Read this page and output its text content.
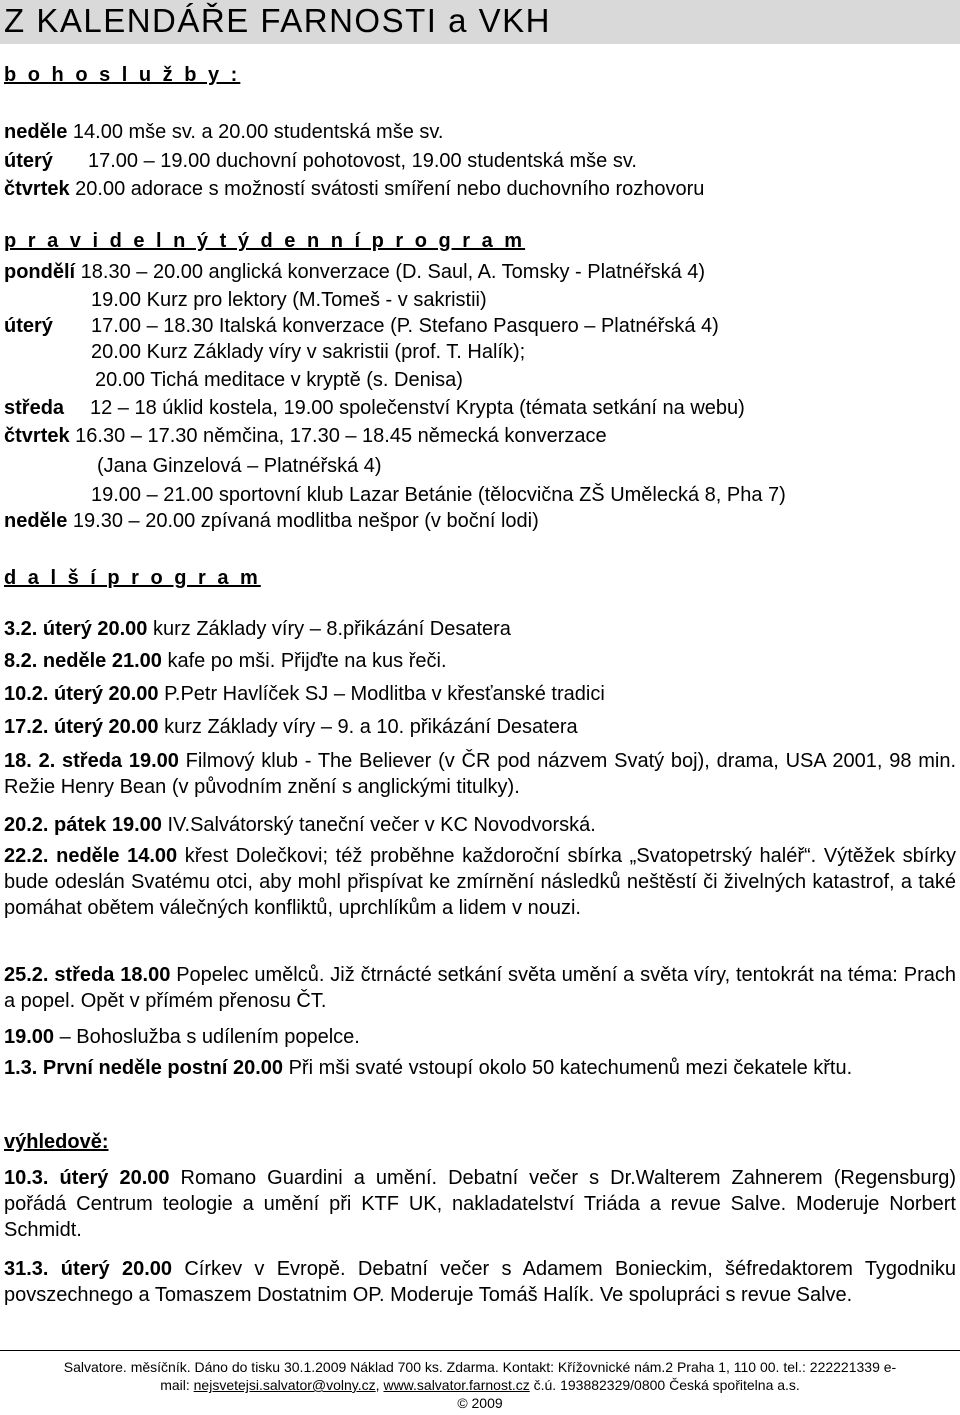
Z KALENDÁŘE FARNOSTI a VKH
b o h o s l u ž b y :
neděle 14.00 mše sv. a 20.00 studentská mše sv.
úterý 17.00 – 19.00 duchovní pohotovost, 19.00 studentská mše sv.
čtvrtek 20.00 adorace s možností svátosti smíření nebo duchovního rozhovoru
p r a v i d e l n ý t ý d e n n í p r o g r a m
pondělí 18.30 – 20.00 anglická konverzace (D. Saul, A. Tomsky - Platnéřská 4)
19.00 Kurz pro lektory (M.Tomeš - v sakristii)
úterý 17.00 – 18.30 Italská konverzace (P. Stefano Pasquero – Platnéřská 4)
20.00 Kurz Základy víry v sakristii (prof. T. Halík);
20.00 Tichá meditace v kryptě (s. Denisa)
středa 12 – 18 úklid kostela, 19.00 společenství Krypta (témata setkání na webu)
čtvrtek 16.30 – 17.30 němčina, 17.30 – 18.45 německá konverzace
(Jana Ginzelová – Platnéřská 4)
19.00 – 21.00 sportovní klub Lazar Betánie (tělocvična ZŠ Umělecká 8, Pha 7)
neděle 19.30 – 20.00 zpívaná modlitba nešpor (v boční lodi)
d a l š í p r o g r a m
3.2. úterý 20.00 kurz Základy víry – 8.přikázání Desatera
8.2. neděle 21.00 kafe po mši. Přijďte na kus řeči.
10.2. úterý 20.00 P.Petr Havlíček SJ – Modlitba v křesťanské tradici
17.2. úterý 20.00 kurz Základy víry – 9. a 10. přikázání Desatera
18. 2. středa 19.00 Filmový klub - The Believer (v ČR pod názvem Svatý boj), drama, USA 2001, 98 min. Režie Henry Bean (v původním znění s anglickými titulky).
20.2. pátek 19.00 IV.Salvátorský taneční večer v KC Novodvorská.
22.2. neděle 14.00 křest Dolečkovi; též proběhne každoroční sbírka „Svatopetrský haléř“. Výtěžek sbírky bude odeslán Svatému otci, aby mohl přispívat ke zmírnění následků neštěstí či živelných katastrof, a také pomáhat obětem válečných konfliktů, uprchlíkům a lidem v nouzi.
25.2. středa 18.00 Popelec umělců. Již čtrnácté setkání světa umění a světa víry, tentokrát na téma: Prach a popel. Opět v přímém přenosu ČT.
19.00 – Bohoslužba s udílením popelce.
1.3. První neděle postní 20.00 Při mši svaté vstoupí okolo 50 katechumenů mezi čekatele křtu.
výhledově:
10.3. úterý 20.00 Romano Guardini a umění. Debatní večer s Dr.Walterem Zahnerem (Regensburg) pořádá Centrum teologie a umění při KTF UK, nakladatelství Triáda a revue Salve. Moderuje Norbert Schmidt.
31.3. úterý 20.00 Církev v Evropě. Debatní večer s Adamem Bonieckim, šéfredaktorem Tygodniku povszechnego a Tomaszem Dostatnim OP. Moderuje Tomáš Halík. Ve spolupráci s revue Salve.
Salvatore. měsíčník. Dáno do tisku 30.1.2009 Náklad 700 ks. Zdarma. Kontakt: Křížovnické nám.2 Praha 1, 110 00. tel.: 222221339 e-
mail: nejsvetejsi.salvator@volny.cz, www.salvator.farnost.cz č.ú. 193882329/0800 Česká spořitelna a.s.
© 2009
